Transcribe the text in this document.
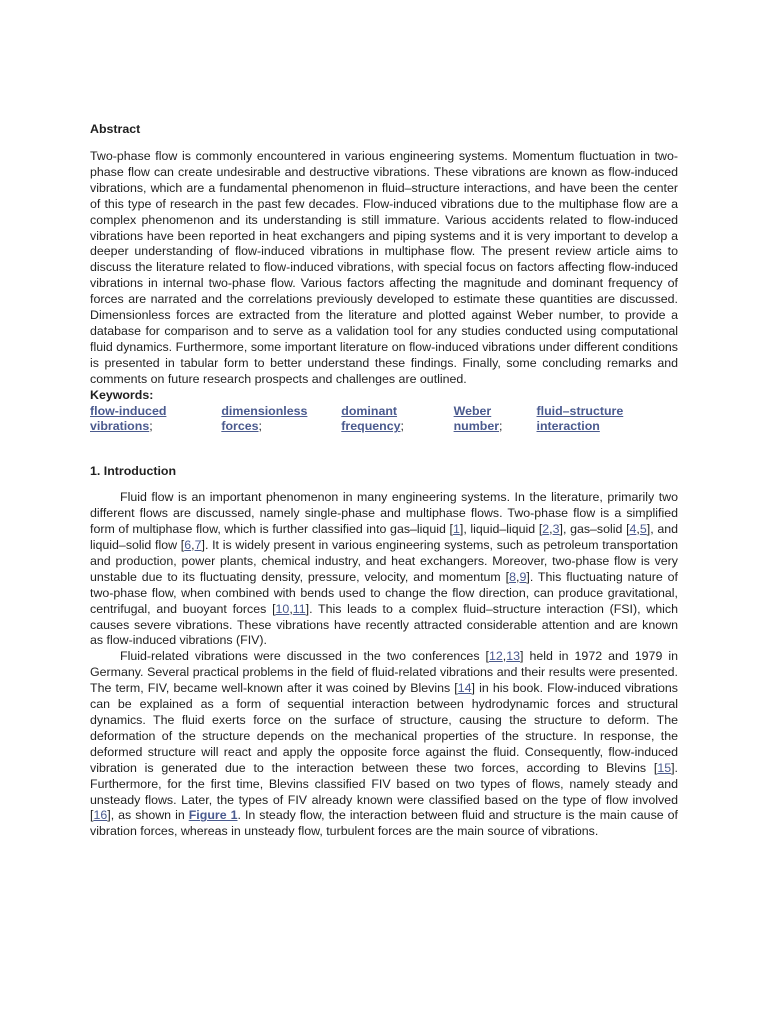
Abstract

Two-phase flow is commonly encountered in various engineering systems. Momentum fluctuation in two-phase flow can create undesirable and destructive vibrations. These vibrations are known as flow-induced vibrations, which are a fundamental phenomenon in fluid–structure interactions, and have been the center of this type of research in the past few decades. Flow-induced vibrations due to the multiphase flow are a complex phenomenon and its understanding is still immature. Various accidents related to flow-induced vibrations have been reported in heat exchangers and piping systems and it is very important to develop a deeper understanding of flow-induced vibrations in multiphase flow. The present review article aims to discuss the literature related to flow-induced vibrations, with special focus on factors affecting flow-induced vibrations in internal two-phase flow. Various factors affecting the magnitude and dominant frequency of forces are narrated and the correlations previously developed to estimate these quantities are discussed. Dimensionless forces are extracted from the literature and plotted against Weber number, to provide a database for comparison and to serve as a validation tool for any studies conducted using computational fluid dynamics. Furthermore, some important literature on flow-induced vibrations under different conditions is presented in tabular form to better understand these findings. Finally, some concluding remarks and comments on future research prospects and challenges are outlined.

Keywords:
flow-induced vibrations;
dimensionless forces;
dominant frequency;
Weber number;
fluid–structure interaction
1. Introduction

Fluid flow is an important phenomenon in many engineering systems. In the literature, primarily two different flows are discussed, namely single-phase and multiphase flows. Two-phase flow is a simplified form of multiphase flow, which is further classified into gas–liquid [1], liquid–liquid [2,3], gas–solid [4,5], and liquid–solid flow [6,7]. It is widely present in various engineering systems, such as petroleum transportation and production, power plants, chemical industry, and heat exchangers. Moreover, two-phase flow is very unstable due to its fluctuating density, pressure, velocity, and momentum [8,9]. This fluctuating nature of two-phase flow, when combined with bends used to change the flow direction, can produce gravitational, centrifugal, and buoyant forces [10,11]. This leads to a complex fluid–structure interaction (FSI), which causes severe vibrations. These vibrations have recently attracted considerable attention and are known as flow-induced vibrations (FIV).

Fluid-related vibrations were discussed in the two conferences [12,13] held in 1972 and 1979 in Germany. Several practical problems in the field of fluid-related vibrations and their results were presented. The term, FIV, became well-known after it was coined by Blevins [14] in his book. Flow-induced vibrations can be explained as a form of sequential interaction between hydrodynamic forces and structural dynamics. The fluid exerts force on the surface of structure, causing the structure to deform. The deformation of the structure depends on the mechanical properties of the structure. In response, the deformed structure will react and apply the opposite force against the fluid. Consequently, flow-induced vibration is generated due to the interaction between these two forces, according to Blevins [15]. Furthermore, for the first time, Blevins classified FIV based on two types of flows, namely steady and unsteady flows. Later, the types of FIV already known were classified based on the type of flow involved [16], as shown in Figure 1. In steady flow, the interaction between fluid and structure is the main cause of vibration forces, whereas in unsteady flow, turbulent forces are the main source of vibrations.
